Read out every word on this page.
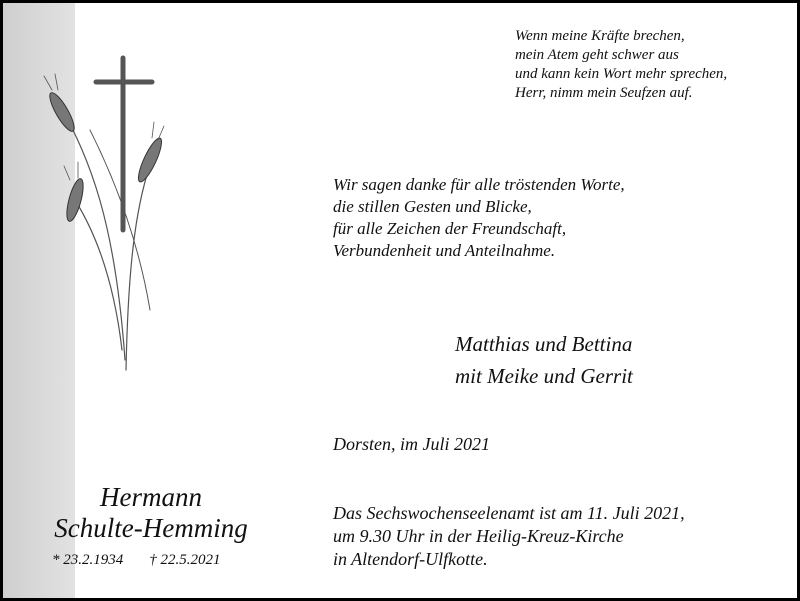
Wenn meine Kräfte brechen,
mein Atem geht schwer aus
und kann kein Wort mehr sprechen,
Herr, nimm mein Seufzen auf.
Wir sagen danke für alle tröstenden Worte,
die stillen Gesten und Blicke,
für alle Zeichen der Freundschaft,
Verbundenheit und Anteilnahme.
Matthias und Bettina
mit Meike und Gerrit
Dorsten, im Juli 2021
Das Sechswochenseelenamt ist am 11. Juli 2021,
um 9.30 Uhr in der Heilig-Kreuz-Kirche
in Altendorf-Ulfkotte.
Hermann
Schulte-Hemming
* 23.2.1934 † 22.5.2021
